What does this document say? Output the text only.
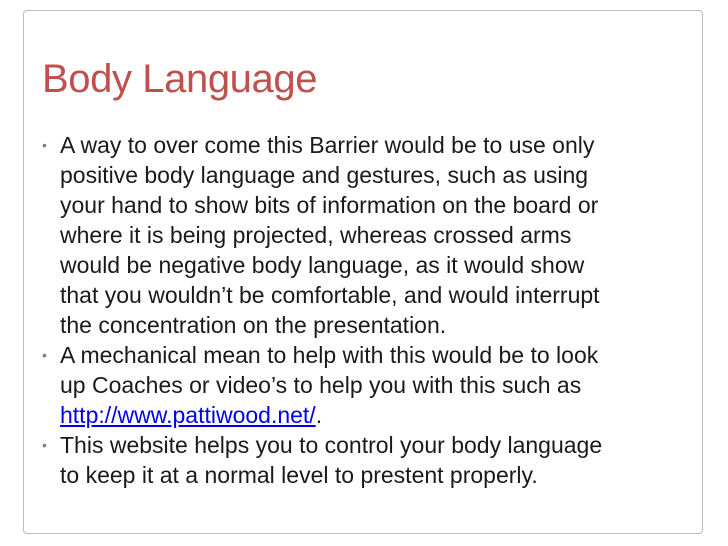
Body Language
• A way to over come this Barrier would be to use only
positive body language and gestures, such as using
your hand to show bits of information on the board or
where it is being projected, whereas crossed arms
would be negative body language, as it would show
that you wouldn’t be comfortable, and would interrupt
the concentration on the presentation.
• A mechanical mean to help with this would be to look
up Coaches or video’s to help you with this such as
http://www.pattiwood.net/.
• This website helps you to control your body language
to keep it at a normal level to prestent properly.
